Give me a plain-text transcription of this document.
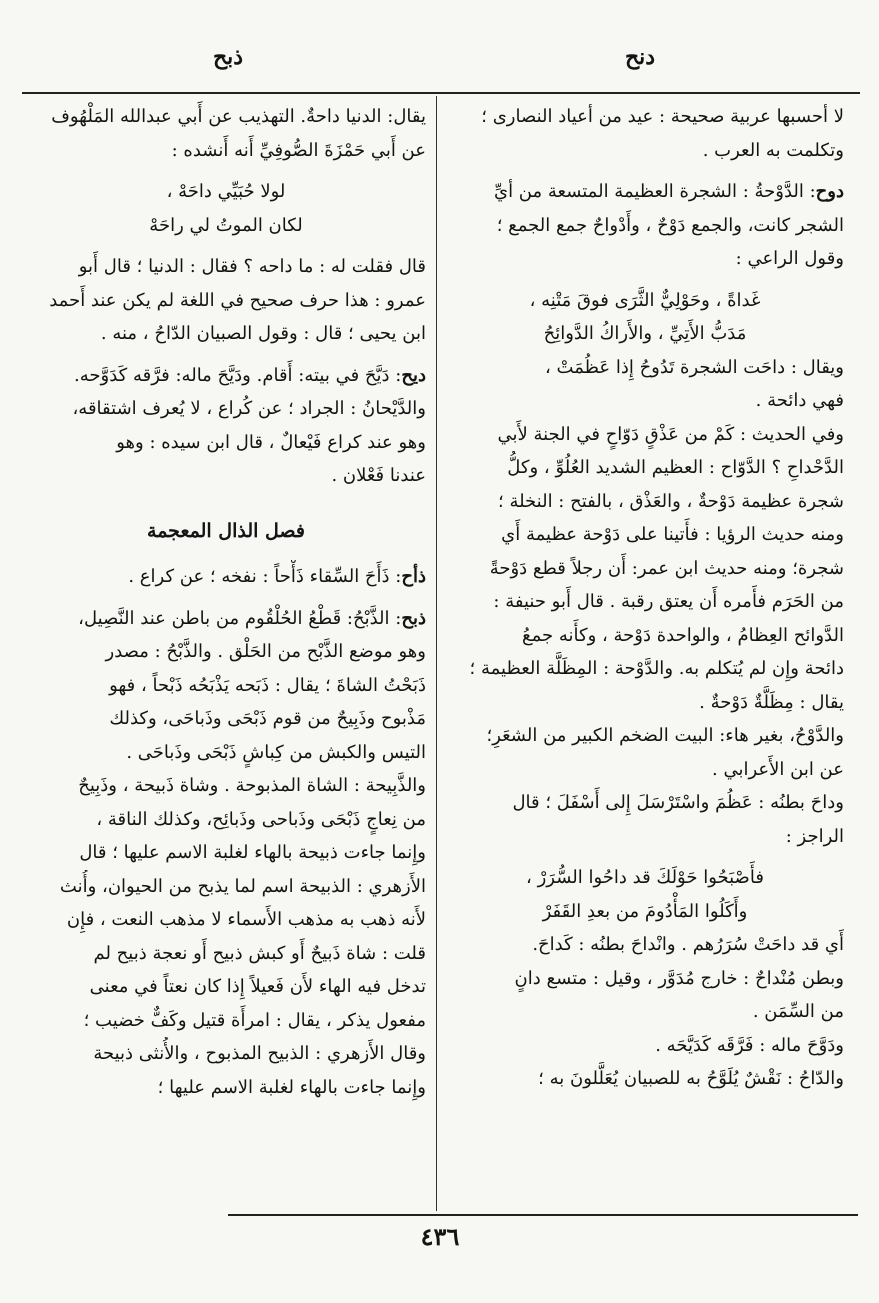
دنح
ذبح
لا أحسبها عربية صحيحة : عيد من أعياد النصارى ؛
وتكلمت به العرب .
دوح: الدَّوْحةُ : الشجرة العظيمة المتسعة من أيِّ
الشجر كانت، والجمع دَوْحٌ ، وأَدْواحٌ جمع الجمع ؛
وقول الراعي :
غَداةً ، وحَوْلِيٌّ الثَّرَى فوقَ مَتْنِه ،
مَدَبُّ الأَتِيِّ ، والأَراكُ الدَّوائِحُ
ويقال : داحَت الشجرة تَدُوحُ إِذا عَظُمَتْ ،
فهي دائحة .
وفي الحديث : كَمْ من عَذْقٍ دَوّاحٍ في الجنة لأَبي
الدَّحْداحِ ؟ الدَّوّاح : العظيم الشديد العُلُوِّ ، وكلُّ
شجرة عظيمة دَوْحةٌ ، والعَذْق ، بالفتح : النخلة ؛
ومنه حديث الرؤيا : فأَتينا على دَوْحة عظيمة أَي
شجرة؛ ومنه حديث ابن عمر: أَن رجلاً قطع دَوْحةً
من الحَرَم فأَمره أَن يعتق رقبة . قال أَبو حنيفة :
الدَّوائح العِظامُ ، والواحدة دَوْحة ، وكأَنه جمعُ
دائحة وإِن لم يُتكلم به. والدَّوْحة : المِظَلَّة العظيمة ؛
يقال : مِظَلَّةٌ دَوْحةٌ .
والدَّوْحُ، بغير هاء: البيت الضخم الكبير من الشعَرِ؛
عن ابن الأَعرابي .
وداحَ بطنُه : عَظُمَ واسْتَرْسَلَ إِلى أَسْفَلَ ؛ قال
الراجز :
فأَصْبَحُوا حَوْلَكَ قد داحُوا السُّرَرْ ،
وأَكَلُوا المَأْدُومَ من بعدِ القَفَرْ
أَي قد داحَتْ سُرَرُهم . وانْداحَ بطنُه : كَداحَ.
وبطن مُنْداحٌ : خارج مُدَوَّر ، وقيل : متسع دانٍ
من السِّمَن .
ودَوَّحَ ماله : فَرَّقَه كَدَيَّحَه .
والدّاحُ : نَقْشٌ يُلَوَّحُ به للصبيان يُعَلَّلونَ به ؛
يقال: الدنيا داحةٌ. التهذيب عن أَبي عبدالله المَلْهُوف
عن أَبي حَمْزَةَ الصُّوفِيِّ أَنه أَنشده :
لولا حُبَيِّي داحَهْ ،
لكان الموتُ لي راحَهْ
قال فقلت له : ما داحه ؟ فقال : الدنيا ؛ قال أَبو
عمرو : هذا حرف صحيح في اللغة لم يكن عند أَحمد
ابن يحيى ؛ قال : وقول الصبيان الدّاحُ ، منه .
ديح: دَيَّحَ في بيته: أَقام. ودَيَّحَ ماله: فرَّقه كَدَوَّحه.
والدَّيْحانُ : الجراد ؛ عن كُراع ، لا يُعرف اشتقاقه،
وهو عند كراع فَيْعالٌ ، قال ابن سيده : وهو
عندنا فَعْلان .
فصل الذال المعجمة
ذأح: ذَأَحَ السِّقاء ذَأْحاً : نفخه ؛ عن كراع .
ذبح: الذَّبْحُ: قَطْعُ الحُلْقُوم من باطن عند النَّصِيل،
وهو موضع الذَّبْح من الحَلْق . والذَّبْحُ : مصدر
ذَبَحْتُ الشاةَ ؛ يقال : ذَبَحه يَذْبَحُه ذَبْحاً ، فهو
مَذْبوح وذَبِيحٌ من قوم ذَبْحَى وذَباحَى، وكذلك
التيس والكبش من كِباشٍ ذَبْحَى وذَباحَى .
والذَّبِيحة : الشاة المذبوحة . وشاة ذَبيحة ، وذَبِيحٌ
من نِعاجٍ ذَبْحَى وذَباحى وذَبائِح، وكذلك الناقة ،
وإِنما جاءت ذبيحة بالهاء لغلبة الاسم عليها ؛ قال
الأَزهري : الذبيحة اسم لما يذبح من الحيوان، وأُنث
لأَنه ذهب به مذهب الأَسماء لا مذهب النعت ، فإِن
قلت : شاة ذَبيحٌ أَو كبش ذبيح أَو نعجة ذبيح لم
تدخل فيه الهاء لأَن فَعيلاً إِذا كان نعتاً في معنى
مفعول يذكر ، يقال : امرأَة قتيل وكَفٌّ خضيب ؛
وقال الأَزهري : الذبيح المذبوح ، والأُنثى ذبيحة
وإِنما جاءت بالهاء لغلبة الاسم عليها ؛
٤٣٦
